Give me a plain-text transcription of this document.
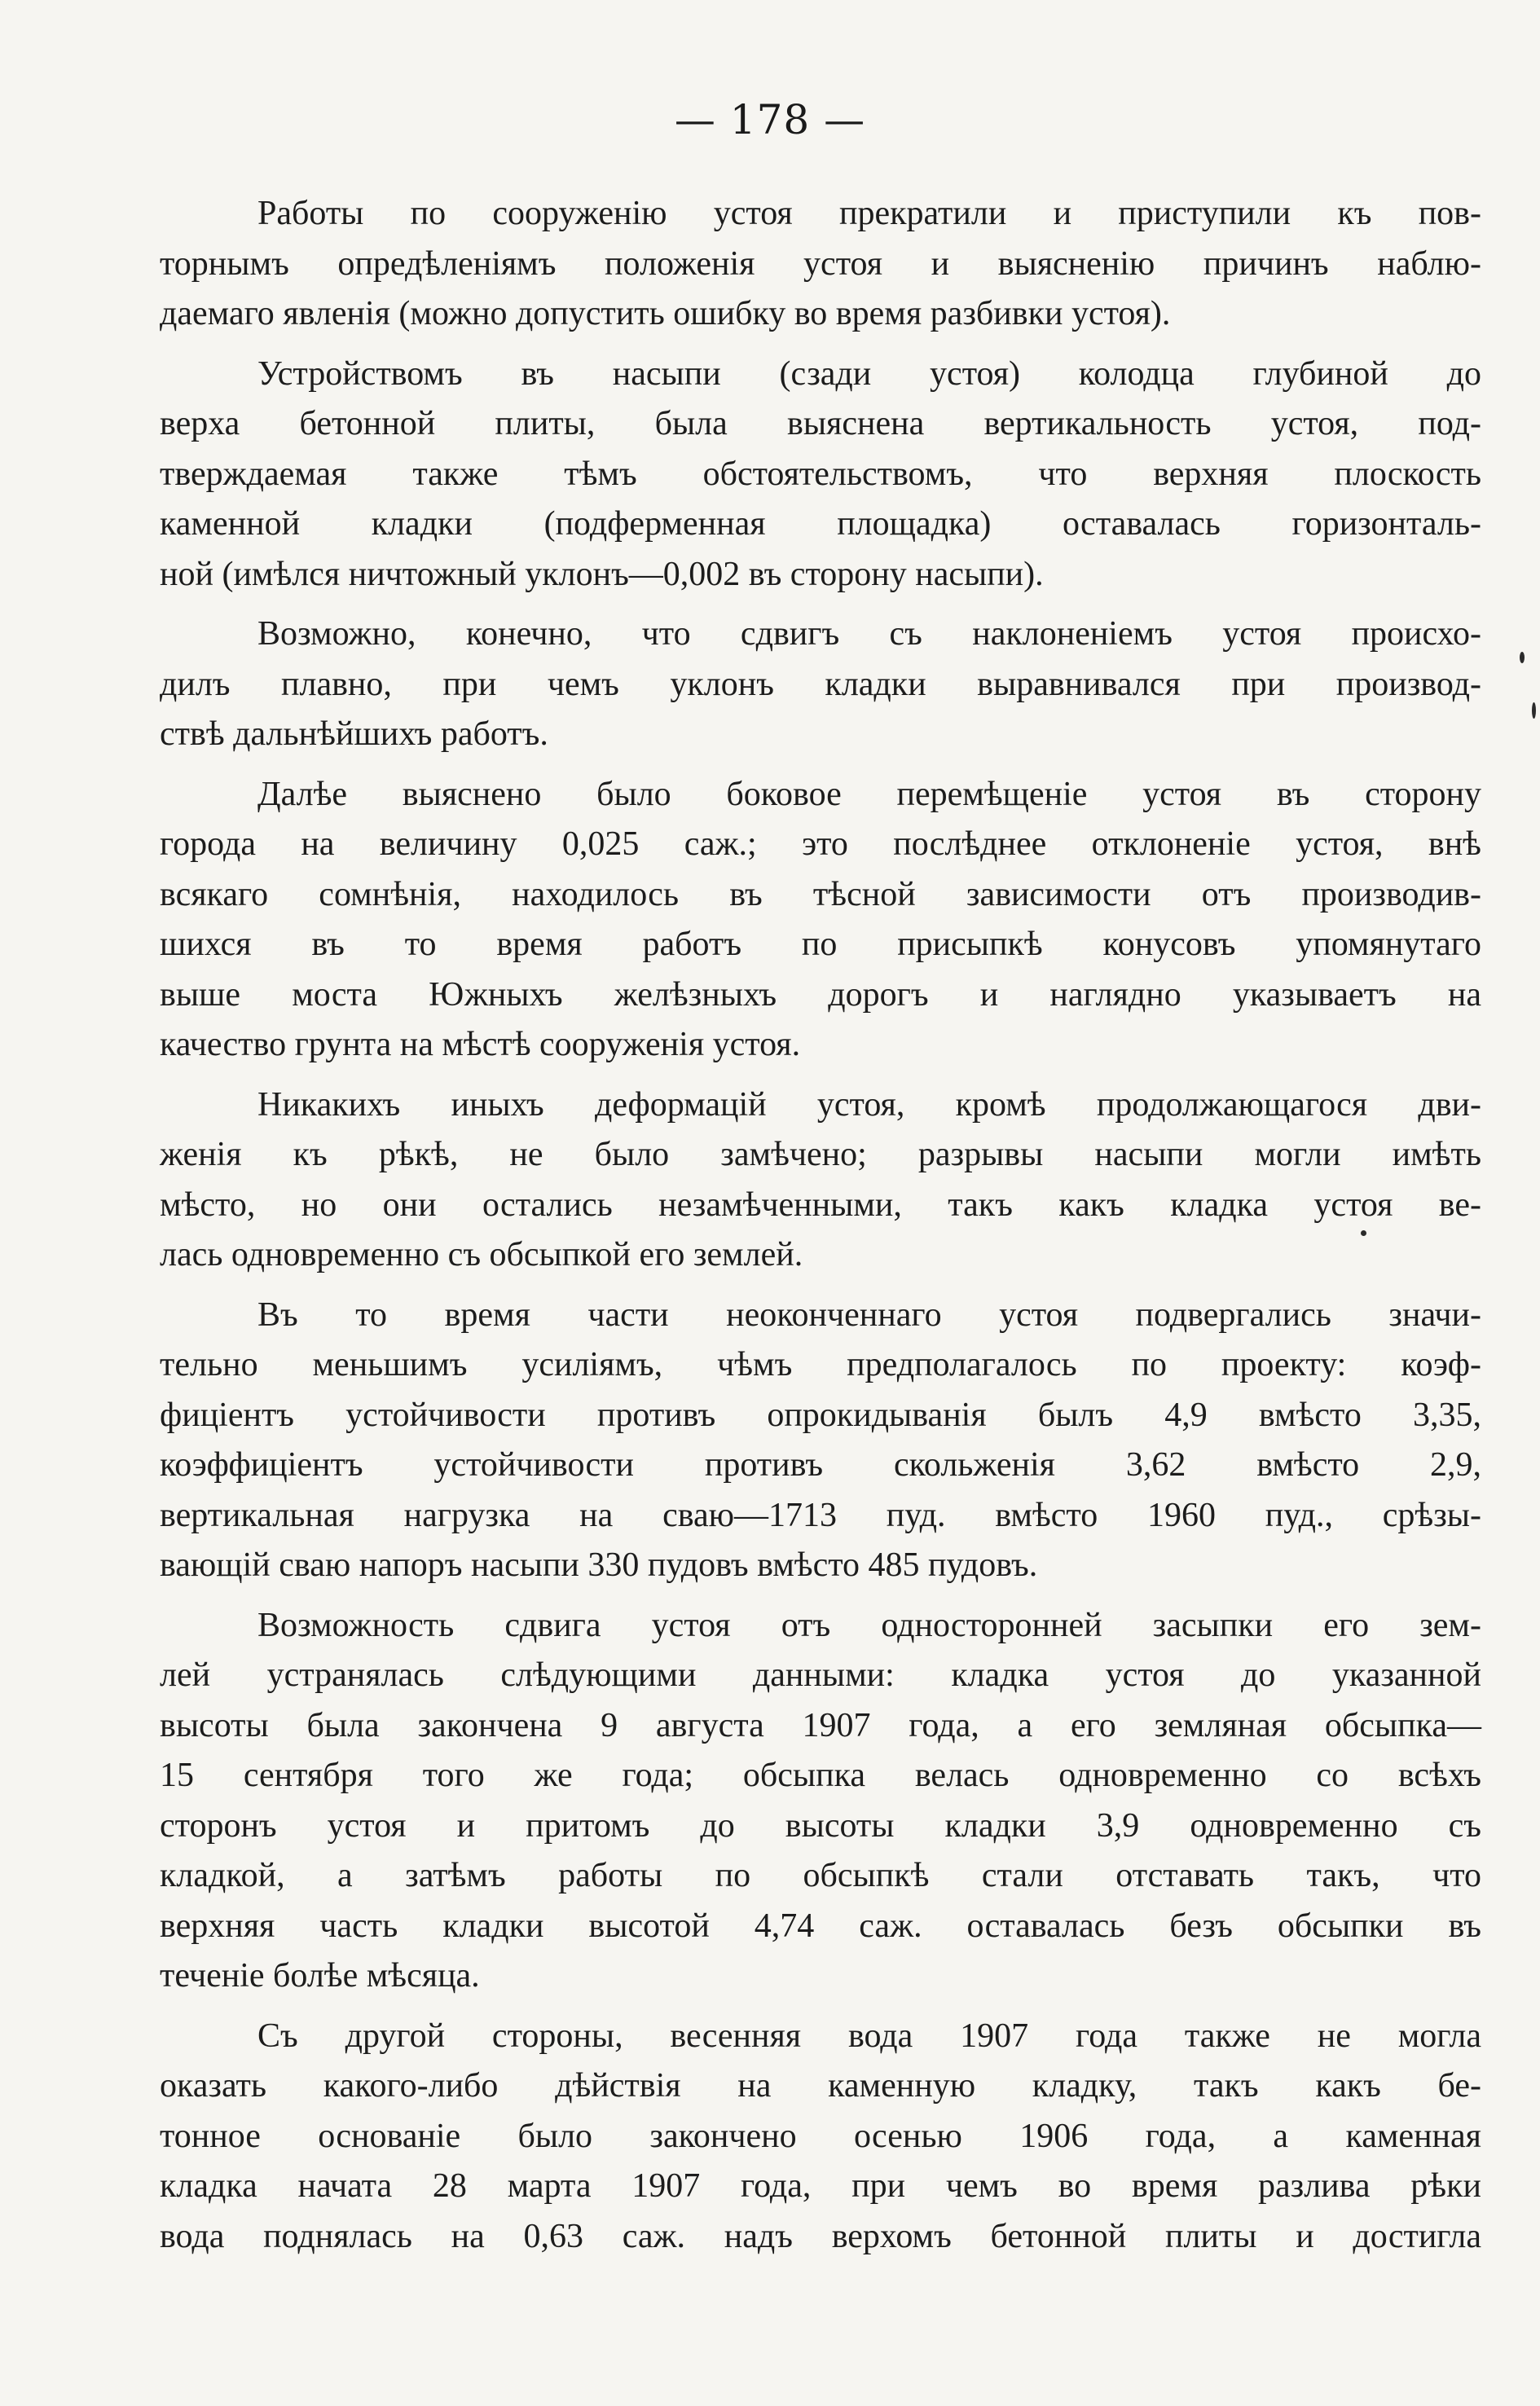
— 178 —
Работы по сооруженію устоя прекратили и приступили къ пов-
торнымъ опредѣленіямъ положенія устоя и выясненію причинъ наблю-
даемаго явленія (можно допустить ошибку во время разбивки устоя).
Устройствомъ въ насыпи (сзади устоя) колодца глубиной до
верха бетонной плиты, была выяснена вертикальность устоя, под-
тверждаемая также тѣмъ обстоятельствомъ, что верхняя плоскость
каменной кладки (подферменная площадка) оставалась горизонталь-
ной (имѣлся ничтожный уклонъ—0,002 въ сторону насыпи).
Возможно, конечно, что сдвигъ съ наклоненіемъ устоя происхо-
дилъ плавно, при чемъ уклонъ кладки выравнивался при производ-
ствѣ дальнѣйшихъ работъ.
Далѣе выяснено было боковое перемѣщеніе устоя въ сторону
города на величину 0,025 саж.; это послѣднее отклоненіе устоя, внѣ
всякаго сомнѣнія, находилось въ тѣсной зависимости отъ производив-
шихся въ то время работъ по присыпкѣ конусовъ упомянутаго
выше моста Южныхъ желѣзныхъ дорогъ и наглядно указываетъ на
качество грунта на мѣстѣ сооруженія устоя.
Никакихъ иныхъ деформацій устоя, кромѣ продолжающагося дви-
женія къ рѣкѣ, не было замѣчено; разрывы насыпи могли имѣть
мѣсто, но они остались незамѣченными, такъ какъ кладка устоя ве-
лась одновременно съ обсыпкой его землей.
Въ то время части неоконченнаго устоя подвергались значи-
тельно меньшимъ усиліямъ, чѣмъ предполагалось по проекту: коэф-
фиціентъ устойчивости противъ опрокидыванія былъ 4,9 вмѣсто 3,35,
коэффиціентъ устойчивости противъ скольженія 3,62 вмѣсто 2,9,
вертикальная нагрузка на сваю—1713 пуд. вмѣсто 1960 пуд., срѣзы-
вающій сваю напоръ насыпи 330 пудовъ вмѣсто 485 пудовъ.
Возможность сдвига устоя отъ односторонней засыпки его зем-
лей устранялась слѣдующими данными: кладка устоя до указанной
высоты была закончена 9 августа 1907 года, а его земляная обсыпка—
15 сентября того же года; обсыпка велась одновременно со всѣхъ
сторонъ устоя и притомъ до высоты кладки 3,9 одновременно съ
кладкой, а затѣмъ работы по обсыпкѣ стали отставать такъ, что
верхняя часть кладки высотой 4,74 саж. оставалась безъ обсыпки въ
теченіе болѣе мѣсяца.
Съ другой стороны, весенняя вода 1907 года также не могла
оказать какого-либо дѣйствія на каменную кладку, такъ какъ бе-
тонное основаніе было закончено осенью 1906 года, а каменная
кладка начата 28 марта 1907 года, при чемъ во время разлива рѣки
вода поднялась на 0,63 саж. надъ верхомъ бетонной плиты и достигла
